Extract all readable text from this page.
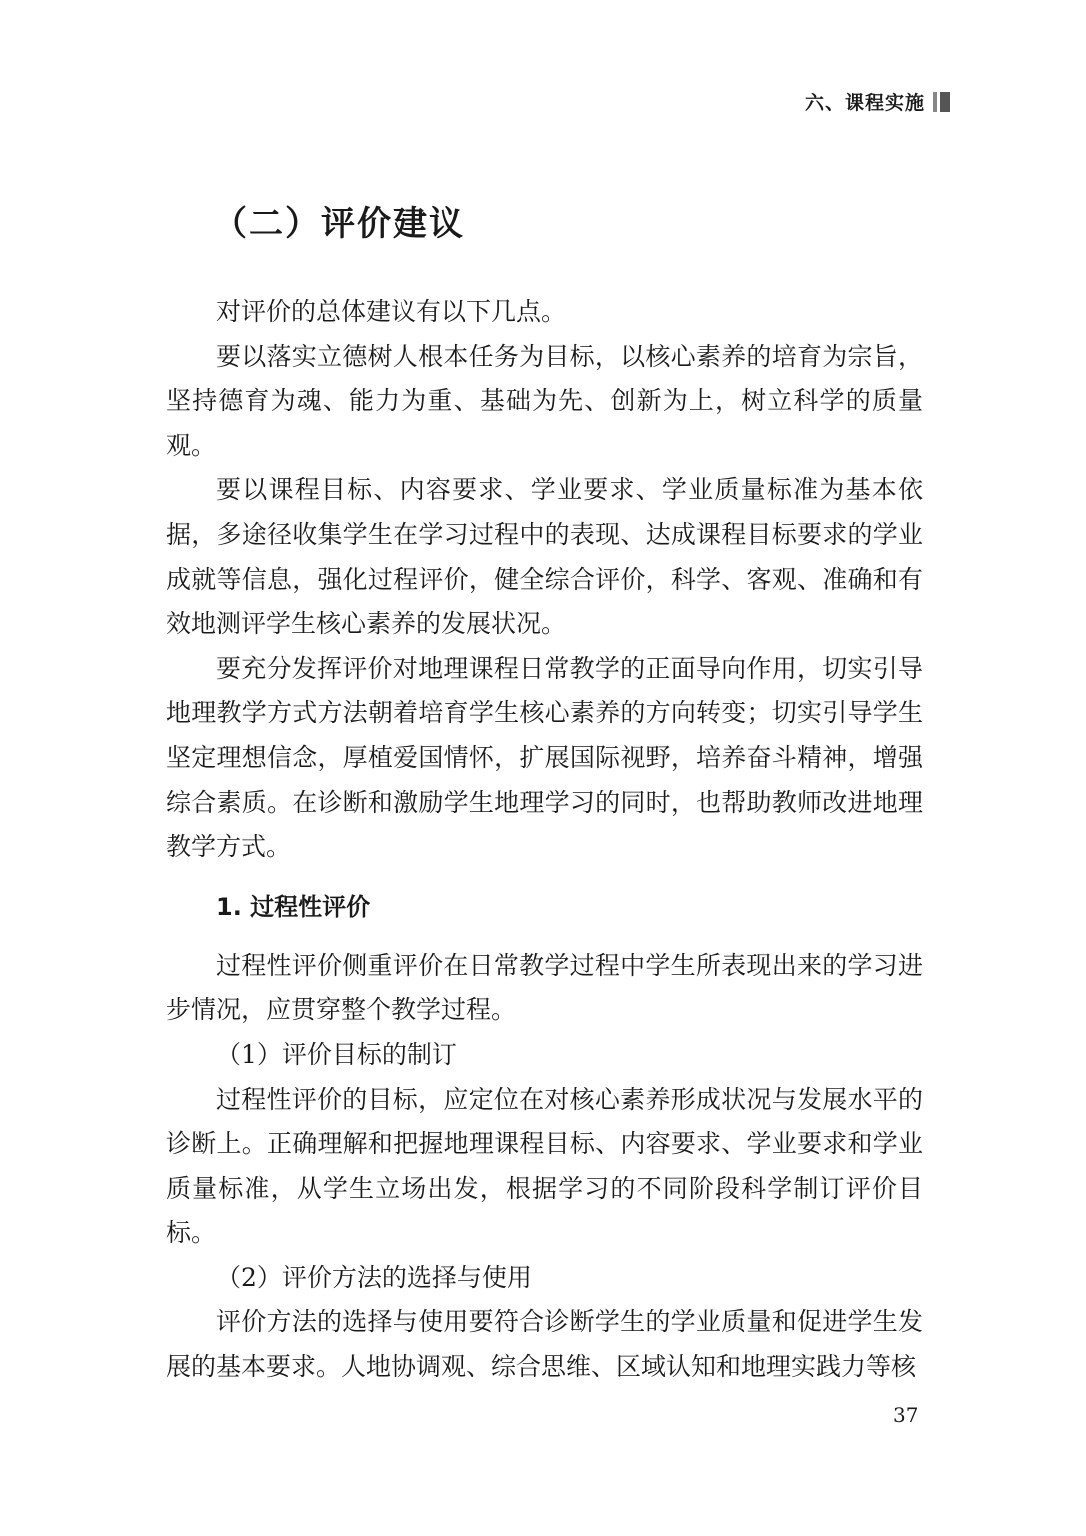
六、课程实施
（二）评价建议

对评价的总体建议有以下几点。

要以落实立德树人根本任务为目标，以核心素养的培育为宗旨，坚持德育为魂、能力为重、基础为先、创新为上，树立科学的质量观。

要以课程目标、内容要求、学业要求、学业质量标准为基本依据，多途径收集学生在学习过程中的表现、达成课程目标要求的学业成就等信息，强化过程评价，健全综合评价，科学、客观、准确和有效地测评学生核心素养的发展状况。

要充分发挥评价对地理课程日常教学的正面导向作用，切实引导地理教学方式方法朝着培育学生核心素养的方向转变；切实引导学生坚定理想信念，厚植爱国情怀，扩展国际视野，培养奋斗精神，增强综合素质。在诊断和激励学生地理学习的同时，也帮助教师改进地理教学方式。

1. 过程性评价

过程性评价侧重评价在日常教学过程中学生所表现出来的学习进步情况，应贯穿整个教学过程。

（1）评价目标的制订

过程性评价的目标，应定位在对核心素养形成状况与发展水平的诊断上。正确理解和把握地理课程目标、内容要求、学业要求和学业质量标准，从学生立场出发，根据学习的不同阶段科学制订评价目标。

（2）评价方法的选择与使用

评价方法的选择与使用要符合诊断学生的学业质量和促进学生发展的基本要求。人地协调观、综合思维、区域认知和地理实践力等核

37
